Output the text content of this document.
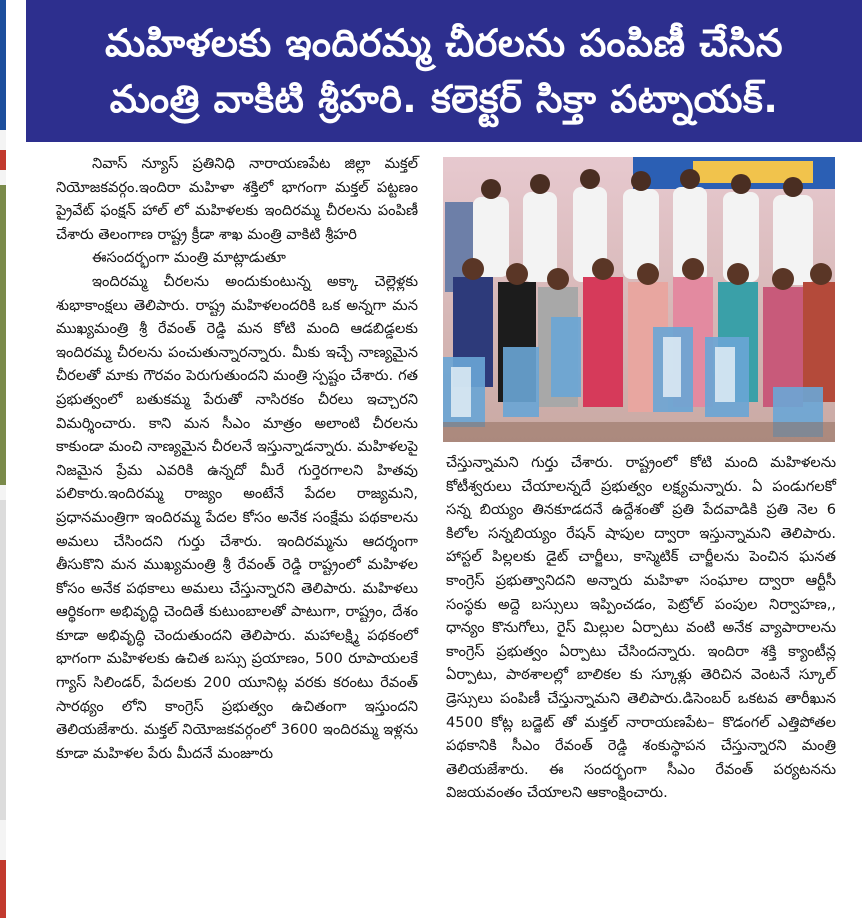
మహిళలకు ఇందిరమ్మ చీరలను పంపిణీ చేసిన
మంత్రి వాకిటి శ్రీహరి. కలెక్టర్ సిక్తా పట్నాయక్.

నివాస్ న్యూస్ ప్రతినిధి నారాయణపేట జిల్లా మక్తల్ నియోజకవర్గం.ఇందిరా మహిళా శక్తిలో భాగంగా మక్తల్ పట్టణం ప్రైవేట్ ఫంక్షన్ హాల్ లో మహిళలకు ఇందిరమ్మ చీరలను పంపిణీ చేశారు తెలంగాణ రాష్ట్ర క్రీడా శాఖ మంత్రి వాకిటి శ్రీహరి

ఈసందర్భంగా మంత్రి మాట్లాడుతూ

ఇందిరమ్మ చీరలను అందుకుంటున్న అక్కా చెల్లెళ్లకు శుభాకాంక్షలు తెలిపారు. రాష్ట్ర మహిళలందరికి ఒక అన్నగా మన ముఖ్యమంత్రి శ్రీ రేవంత్ రెడ్డి మన కోటి మంది ఆడబిడ్డలకు ఇందిరమ్మ చీరలను పంచుతున్నారన్నారు. మీకు ఇచ్చే నాణ్యమైన చీరలతో మాకు గౌరవం పెరుగుతుందని మంత్రి స్పష్టం చేశారు. గత ప్రభుత్వంలో బతుకమ్మ పేరుతో నాసిరకం చీరలు ఇచ్చారని విమర్శించారు. కాని మన సీఎం మాత్రం అలాంటి చీరలను కాకుండా మంచి నాణ్యమైన చీరలనే ఇస్తున్నాడన్నారు. మహిళలపై నిజమైన ప్రేమ ఎవరికి ఉన్నదో మీరే గుర్తెరగాలని హితవు పలికారు.ఇందిరమ్మ రాజ్యం అంటేనే పేదల రాజ్యమని, ప్రధానమంత్రిగా ఇందిరమ్మ పేదల కోసం అనేక సంక్షేమ పథకాలను అమలు చేసిందని గుర్తు చేశారు. ఇందిరమ్మను ఆదర్శంగా తీసుకొని మన ముఖ్యమంత్రి శ్రీ రేవంత్ రెడ్డి రాష్ట్రంలో మహిళల కోసం అనేక పథకాలు అమలు చేస్తున్నారని తెలిపారు. మహిళలు ఆర్థికంగా అభివృద్ధి చెందితే కుటుంబాలతో పాటుగా, రాష్ట్రం, దేశం కూడా అభివృద్ధి చెందుతుందని తెలిపారు. మహాలక్ష్మి పథకంలో భాగంగా మహిళలకు ఉచిత బస్సు ప్రయాణం, 500 రూపాయలకే గ్యాస్ సిలిండర్, పేదలకు 200 యూనిట్ల వరకు కరంటు రేవంత్ సారథ్యం లోని కాంగ్రెస్ ప్రభుత్వం ఉచితంగా ఇస్తుందని తెలియజేశారు. మక్తల్ నియోజకవర్గంలో 3600 ఇందిరమ్మ ఇళ్లను కూడా మహిళల పేరు మీదనే మంజూరు

చేస్తున్నామని గుర్తు చేశారు. రాష్ట్రంలో కోటి మంది మహిళలను కోటీశ్వరులు చేయాలన్నదే ప్రభుత్వం లక్ష్యమన్నారు. ఏ పండుగలకో సన్న బియ్యం తినకూడదనే ఉద్దేశంతో ప్రతి పేదవాడికి ప్రతి నెల 6 కిలోల సన్నబియ్యం రేషన్ షాపుల ద్వారా ఇస్తున్నామని తెలిపారు. హాస్టల్ పిల్లలకు డైట్ చార్జీలు, కాస్మెటిక్ చార్జీలను పెంచిన ఘనత కాంగ్రెస్ ప్రభుత్వానిదని అన్నారు మహిళా సంఘాల ద్వారా ఆర్టీసీ సంస్థకు అద్దె బస్సులు ఇప్పించడం, పెట్రోల్ పంపుల నిర్వాహణ,, ధాన్యం కొనుగోలు, రైస్ మిల్లుల ఏర్పాటు వంటి అనేక వ్యాపారాలను కాంగ్రెస్ ప్రభుత్వం ఏర్పాటు చేసిందన్నారు. ఇందిరా శక్తి క్యాంటీన్ల ఏర్పాటు, పాఠశాలల్లో బాలికల కు స్కూళ్లు తెరిచిన వెంటనే స్కూల్ డ్రెస్సులు పంపిణీ చేస్తున్నామని తెలిపారు.డిసెంబర్ ఒకటవ తారీఖున 4500 కోట్ల బడ్జెట్ తో మక్తల్ నారాయణపేట– కొడంగల్ ఎత్తిపోతల పథకానికి సీఎం రేవంత్ రెడ్డి శంకుస్థాపన చేస్తున్నారని మంత్రి తెలియజేశారు. ఈ సందర్భంగా సీఎం రేవంత్ పర్యటనను విజయవంతం చేయాలని ఆకాంక్షించారు.
